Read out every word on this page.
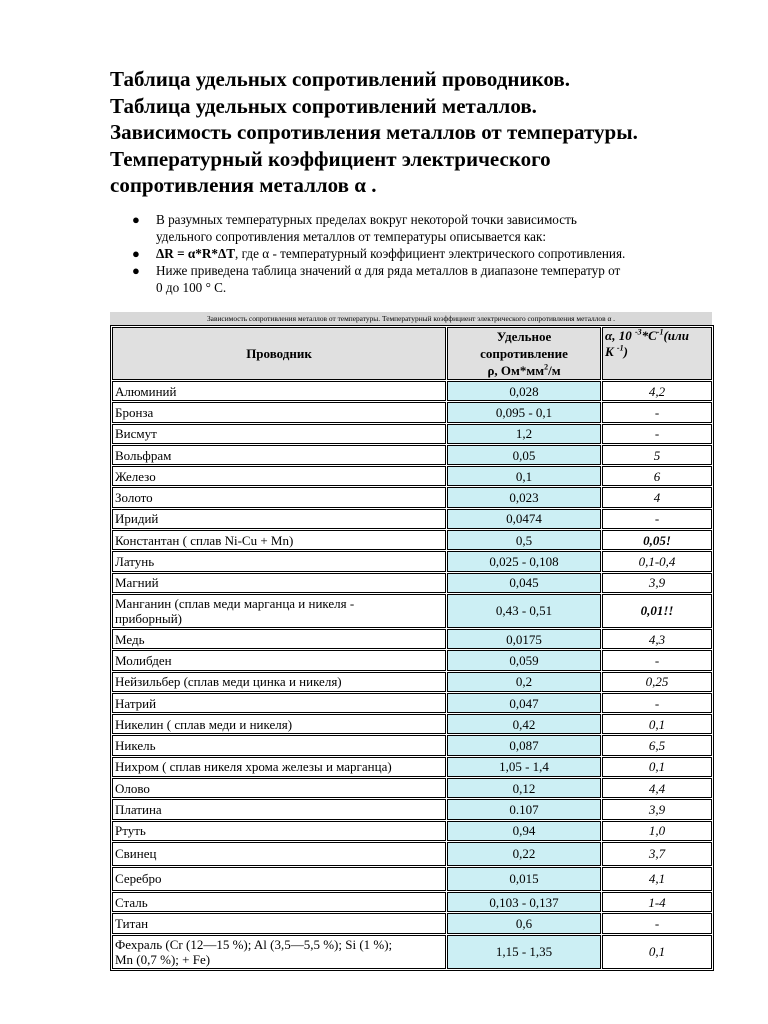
Таблица удельных сопротивлений проводников.
Таблица удельных сопротивлений металлов.
Зависимость сопротивления металлов от температуры.
Температурный коэффициент электрического
сопротивления металлов α .
● В разумных температурных пределах вокруг некоторой точки зависимость
удельного сопротивления металлов от температуры описывается как:
● ΔR = α*R*ΔT, где α - температурный коэффициент электрического сопротивления.
● Ниже приведена таблица значений α для ряда металлов в диапазоне температур от
0 до 100 ° С.
Зависимость сопротивления металлов от температуры. Температурный коэффициент электрического сопротивления металлов α .
Проводник	Удельное
сопротивление
ρ, $Ом*мм^2/м$	α, 10 $^{-3}*C^{-1}(или$
K $^{-1}$)
Алюминий	0,028	4,2
Бронза	0,095 - 0,1	-
Висмут	1,2	-
Вольфрам	0,05	5
Железо	0,1	6
Золото	0,023	4
Иридий	0,0474	-
Константан ( сплав Ni-Cu + Mn)	0,5	0,05!
Латунь	0,025 - 0,108	0,1-0,4
Магний	0,045	3,9
Манганин (сплав меди марганца и никеля -
приборный)	0,43 - 0,51	0,01!!
Медь	0,0175	4,3
Молибден	0,059	-
Нейзильбер (сплав меди цинка и никеля)	0,2	0,25
Натрий	0,047	-
Никелин ( сплав меди и никеля)	0,42	0,1
Никель	0,087	6,5
Нихром ( сплав никеля хрома железы и марганца)	1,05 - 1,4	0,1
Олово	0,12	4,4
Платина	0.107	3,9
Ртуть	0,94	1,0
Свинец	0,22	3,7
Серебро	0,015	4,1
Сталь	0,103 - 0,137	1-4
Титан	0,6	-
Фехраль (Cr (12—15 %); Al (3,5—5,5 %); Si (1 %);
Mn (0,7 %); + Fe)	1,15 - 1,35	0,1
